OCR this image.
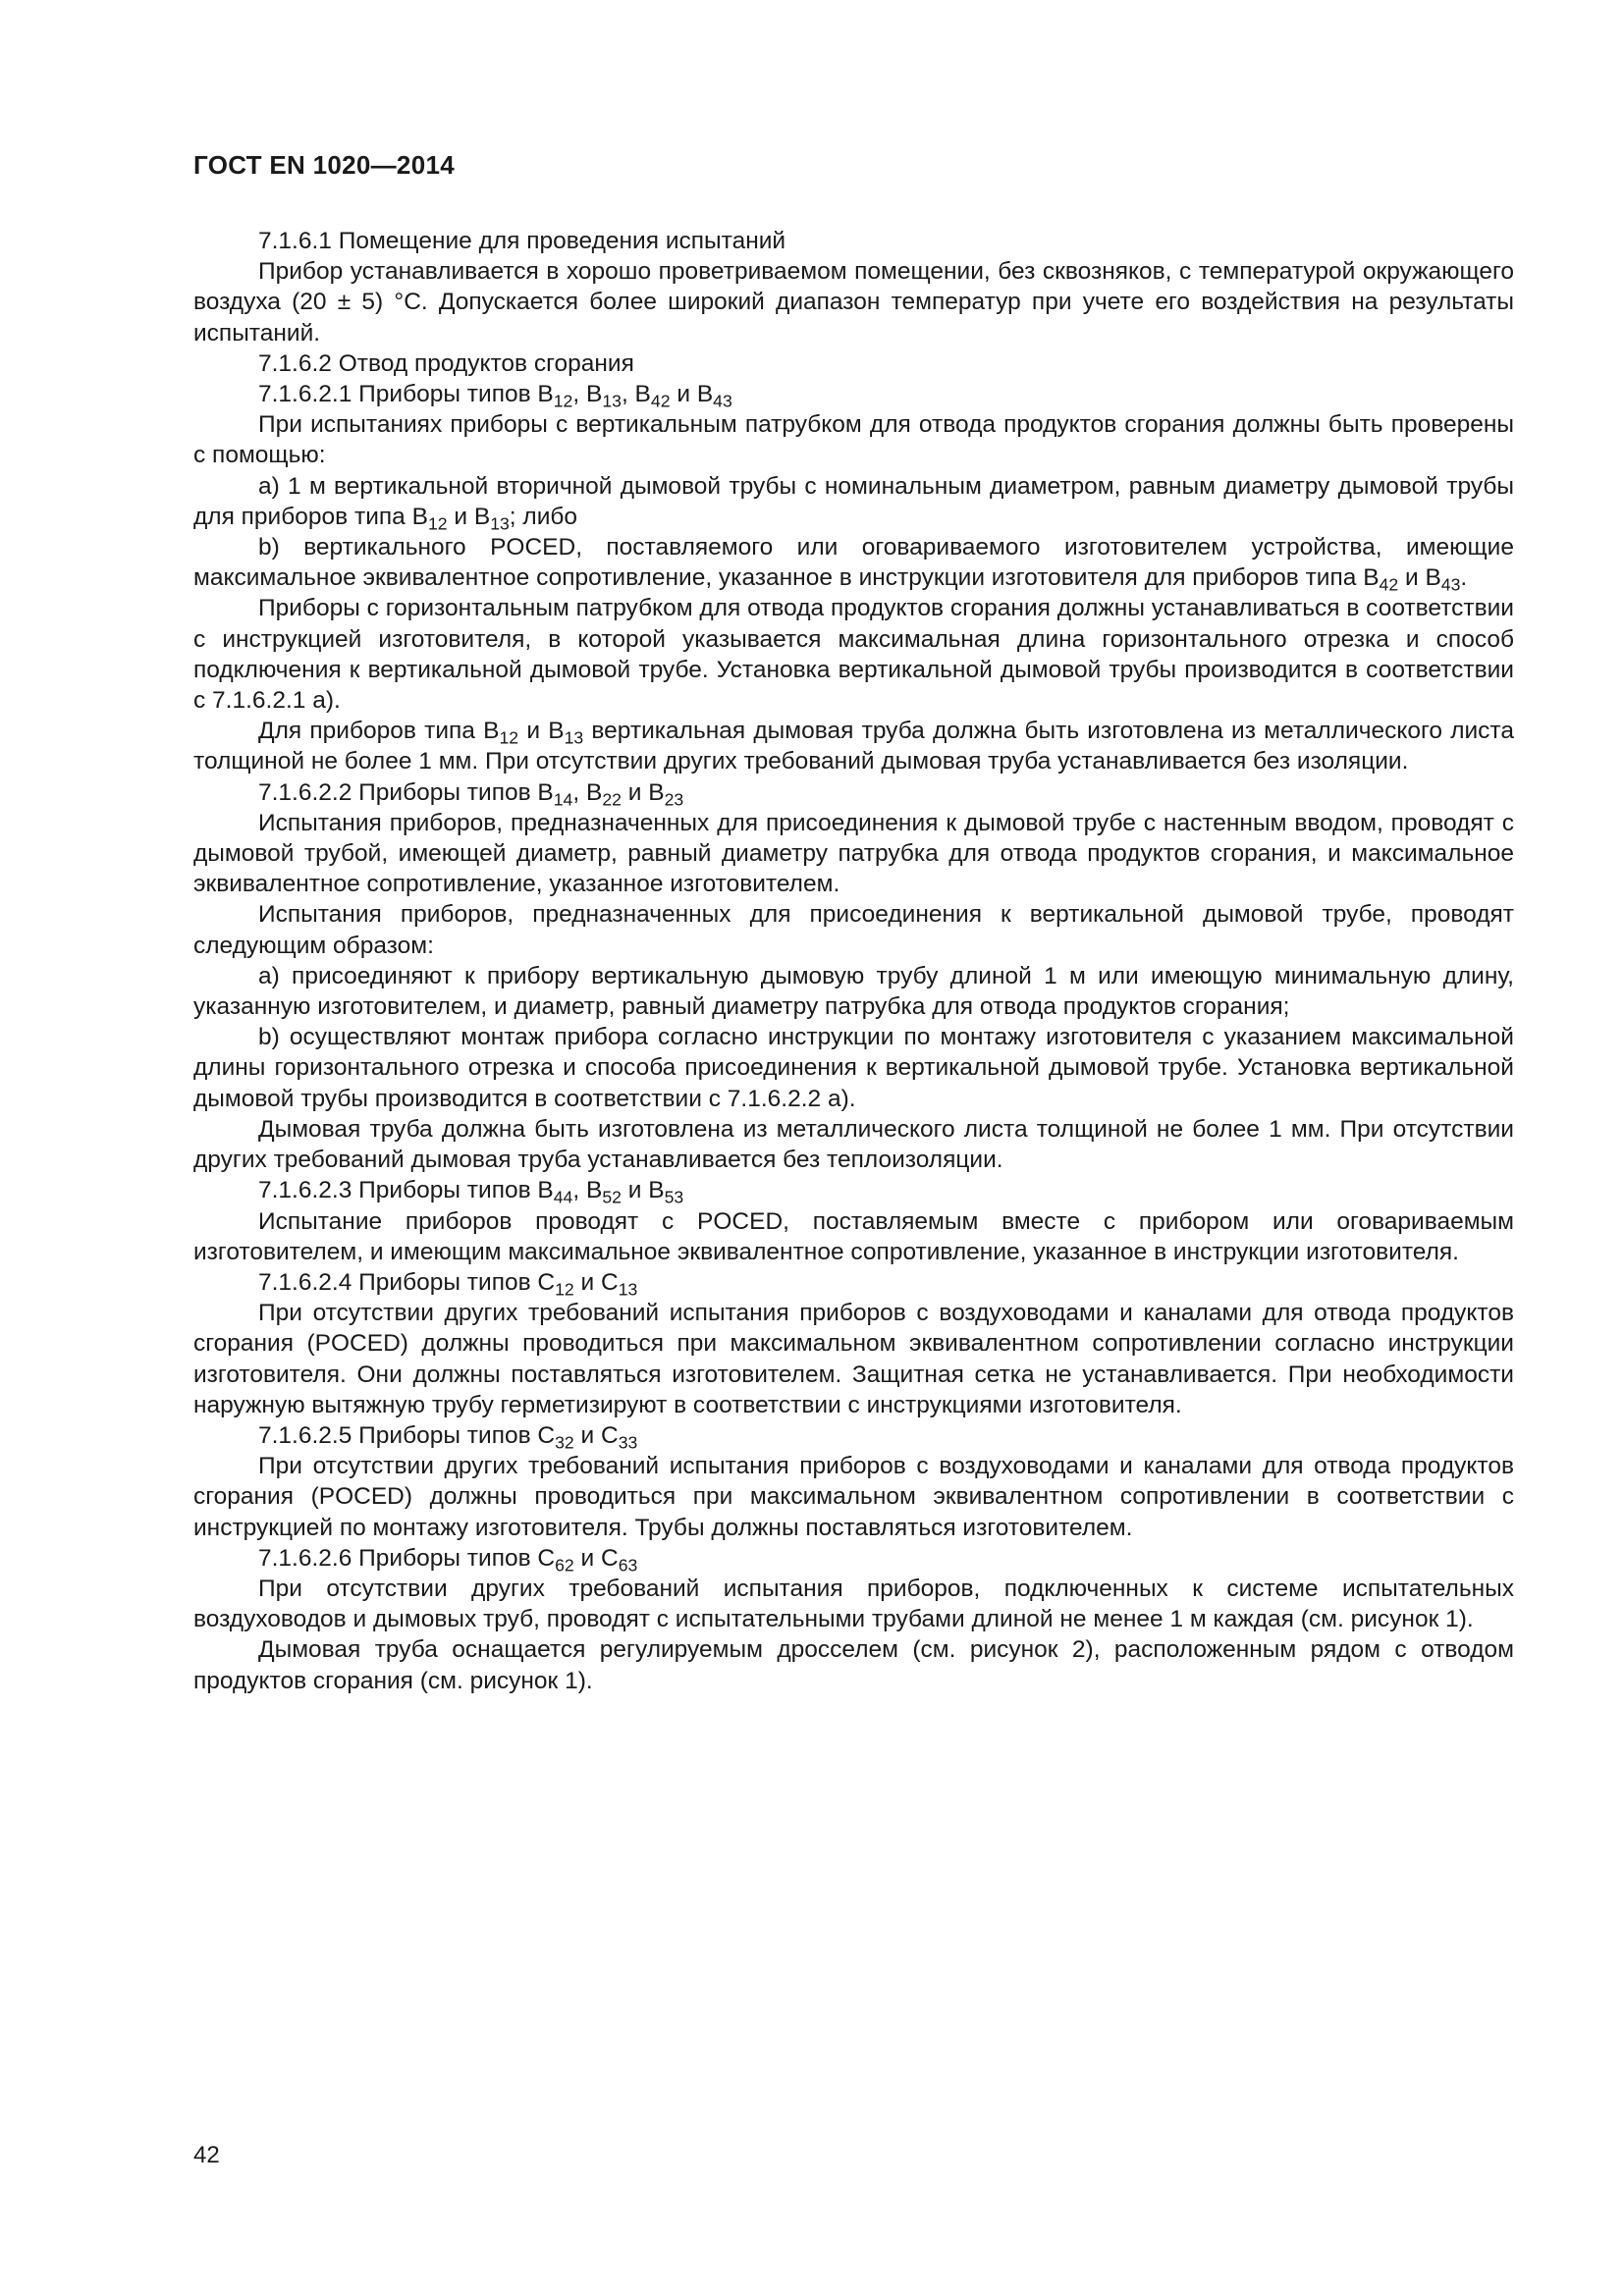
ГОСТ EN 1020—2014

7.1.6.1 Помещение для проведения испытаний

Прибор устанавливается в хорошо проветриваемом помещении, без сквозняков, с температурой окружающего воздуха (20 ± 5) °С. Допускается более широкий диапазон температур при учете его воздействия на результаты испытаний.

7.1.6.2 Отвод продуктов сгорания

7.1.6.2.1 Приборы типов $В_{12}$, $В_{13}$, $В_{42}$ и $В_{43}$

При испытаниях приборы с вертикальным патрубком для отвода продуктов сгорания должны быть проверены с помощью:

a) 1 м вертикальной вторичной дымовой трубы с номинальным диаметром, равным диаметру дымовой трубы для приборов типа $В_{12}$ и $В_{13}$; либо

b) вертикального POCED, поставляемого или оговариваемого изготовителем устройства, имеющие максимальное эквивалентное сопротивление, указанное в инструкции изготовителя для приборов типа $В_{42}$ и $В_{43}$.

Приборы с горизонтальным патрубком для отвода продуктов сгорания должны устанавливаться в соответствии с инструкцией изготовителя, в которой указывается максимальная длина горизонтального отрезка и способ подключения к вертикальной дымовой трубе. Установка вертикальной дымовой трубы производится в соответствии с 7.1.6.2.1 а).

Для приборов типа $В_{12}$ и $В_{13}$ вертикальная дымовая труба должна быть изготовлена из металлического листа толщиной не более 1 мм. При отсутствии других требований дымовая труба устанавливается без изоляции.

7.1.6.2.2 Приборы типов $В_{14}$, $В_{22}$ и $В_{23}$

Испытания приборов, предназначенных для присоединения к дымовой трубе с настенным вводом, проводят с дымовой трубой, имеющей диаметр, равный диаметру патрубка для отвода продуктов сгорания, и максимальное эквивалентное сопротивление, указанное изготовителем.

Испытания приборов, предназначенных для присоединения к вертикальной дымовой трубе, проводят следующим образом:

a) присоединяют к прибору вертикальную дымовую трубу длиной 1 м или имеющую минимальную длину, указанную изготовителем, и диаметр, равный диаметру патрубка для отвода продуктов сгорания;

b) осуществляют монтаж прибора согласно инструкции по монтажу изготовителя с указанием максимальной длины горизонтального отрезка и способа присоединения к вертикальной дымовой трубе. Установка вертикальной дымовой трубы производится в соответствии с 7.1.6.2.2 а).

Дымовая труба должна быть изготовлена из металлического листа толщиной не более 1 мм. При отсутствии других требований дымовая труба устанавливается без теплоизоляции.

7.1.6.2.3 Приборы типов $В_{44}$, $В_{52}$ и $В_{53}$

Испытание приборов проводят с POCED, поставляемым вместе с прибором или оговариваемым изготовителем, и имеющим максимальное эквивалентное сопротивление, указанное в инструкции изготовителя.

7.1.6.2.4 Приборы типов $С_{12}$ и $С_{13}$

При отсутствии других требований испытания приборов с воздуховодами и каналами для отвода продуктов сгорания (POCED) должны проводиться при максимальном эквивалентном сопротивлении согласно инструкции изготовителя. Они должны поставляться изготовителем. Защитная сетка не устанавливается. При необходимости наружную вытяжную трубу герметизируют в соответствии с инструкциями изготовителя.

7.1.6.2.5 Приборы типов $С_{32}$ и $С_{33}$

При отсутствии других требований испытания приборов с воздуховодами и каналами для отвода продуктов сгорания (POCED) должны проводиться при максимальном эквивалентном сопротивлении в соответствии с инструкцией по монтажу изготовителя. Трубы должны поставляться изготовителем.

7.1.6.2.6 Приборы типов $С_{62}$ и $С_{63}$

При отсутствии других требований испытания приборов, подключенных к системе испытательных воздуховодов и дымовых труб, проводят с испытательными трубами длиной не менее 1 м каждая (см. рисунок 1).

Дымовая труба оснащается регулируемым дросселем (см. рисунок 2), расположенным рядом с отводом продуктов сгорания (см. рисунок 1).

42
